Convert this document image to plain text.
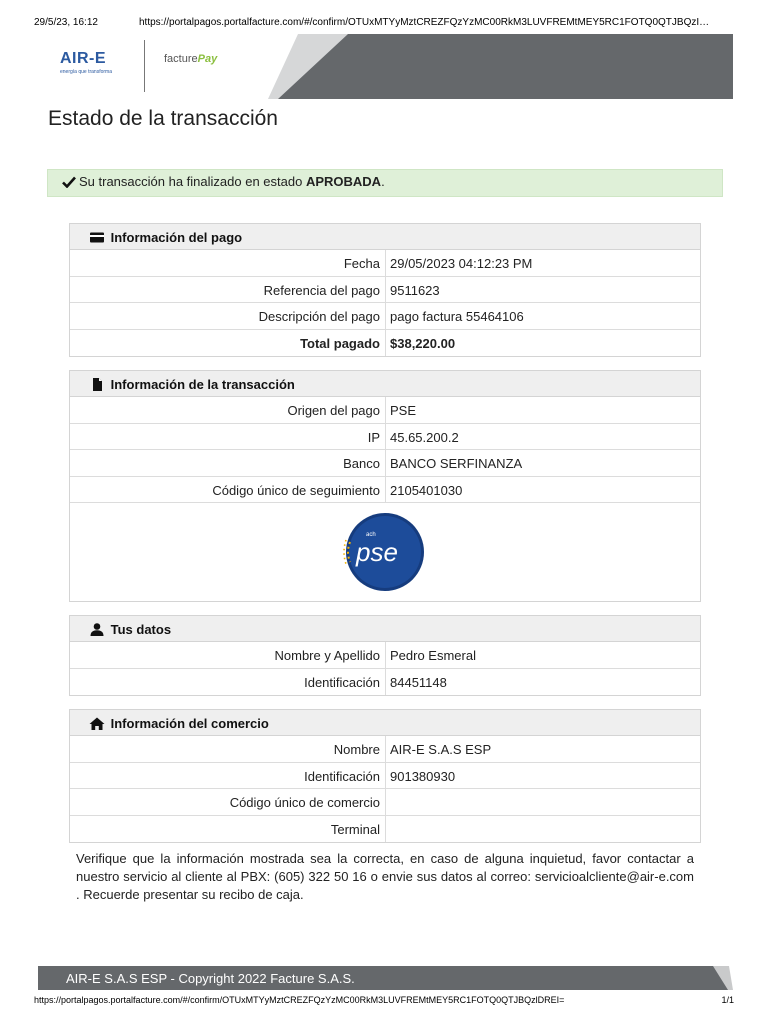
29/5/23, 16:12	https://portalpagos.portalfacture.com/#/confirm/OTUxMTYyMztCREZFQzYzMC00RkM3LUVFREMtMEY5RC1FOTQ0QTJBQzI…
AIR-E
energía que transforma
facturePay
Estado de la transacción
Su transacción ha finalizado en estado APROBADA.
Información del pago
Fecha 29/05/2023 04:12:23 PM
Referencia del pago 9511623
Descripción del pago pago factura 55464106
Total pagado $38,220.00
Información de la transacción
Origen del pago PSE
IP 45.65.200.2
Banco BANCO SERFINANZA
Código único de seguimiento 2105401030
ach
pse
Tus datos
Nombre y Apellido Pedro Esmeral
Identificación 84451148
Información del comercio
Nombre AIR-E S.A.S ESP
Identificación 901380930
Código único de comercio
Terminal

Verifique que la información mostrada sea la correcta, en caso de alguna inquietud, favor contactar a nuestro servicio al cliente al PBX: (605) 322 50 16 o envie sus datos al correo: servicioalcliente@air-e.com . Recuerde presentar su recibo de caja.

AIR-E S.A.S ESP - Copyright 2022 Facture S.A.S.
https://portalpagos.portalfacture.com/#/confirm/OTUxMTYyMztCREZFQzYzMC00RkM3LUVFREMtMEY5RC1FOTQ0QTJBQzlDREI=	1/1
